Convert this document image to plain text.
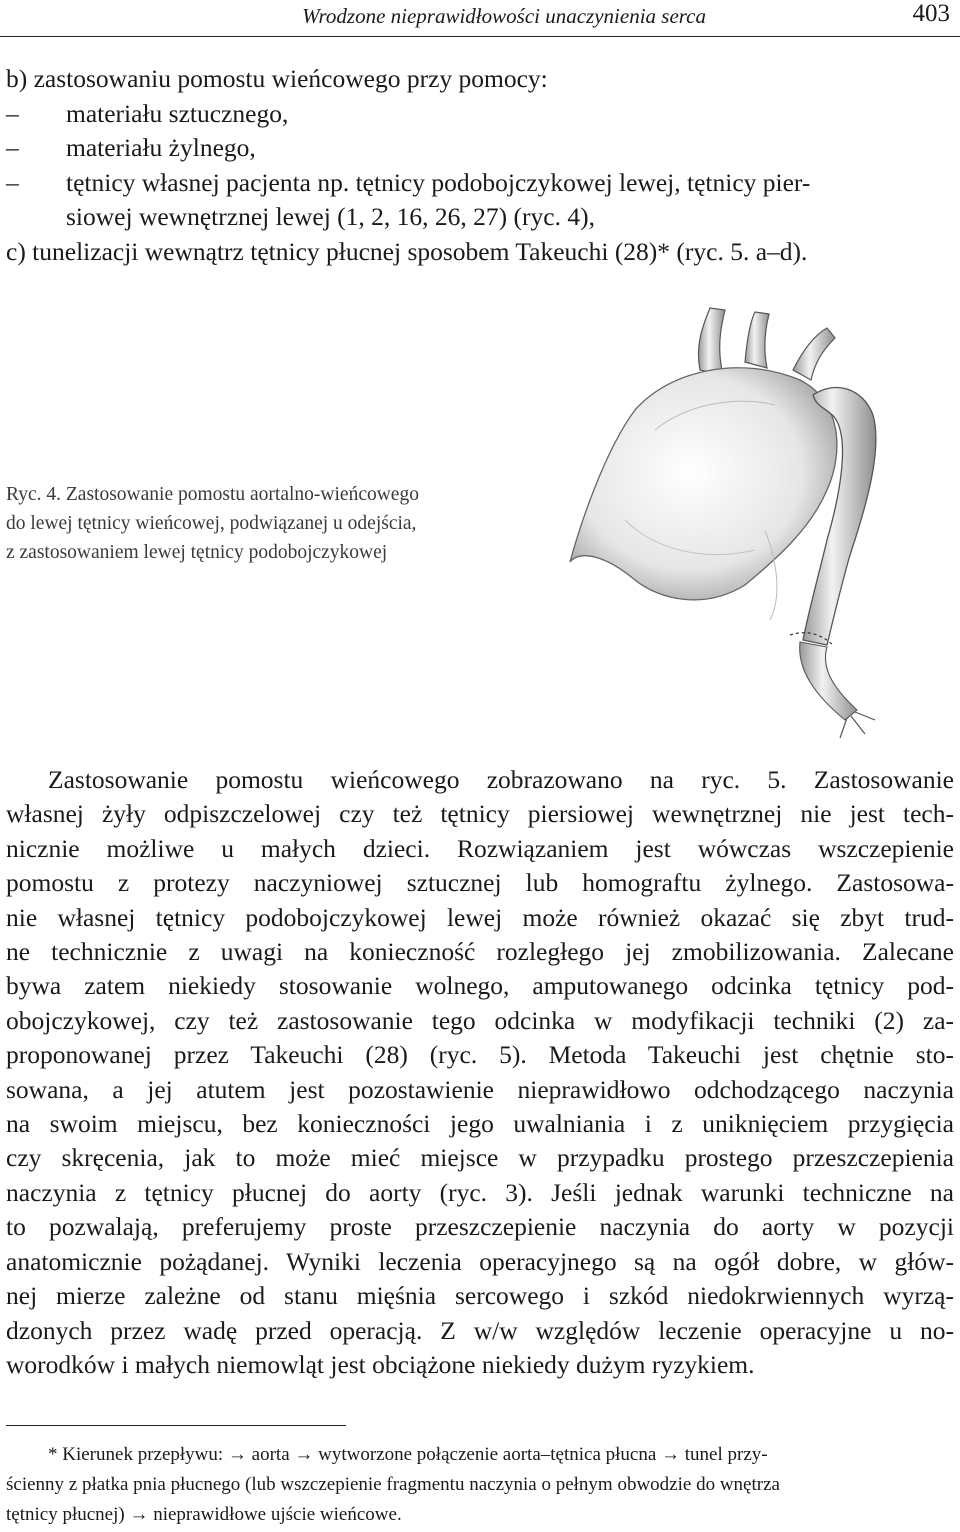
Wrodzone nieprawidłowości unaczynienia serca	403
b) zastosowaniu pomostu wieńcowego przy pomocy:
– materiału sztucznego,
– materiału żylnego,
– tętnicy własnej pacjenta np. tętnicy podobojczykowej lewej, tętnicy pier-
siowej wewnętrznej lewej (1, 2, 16, 26, 27) (ryc. 4),
c) tunelizacji wewnątrz tętnicy płucnej sposobem Takeuchi (28)* (ryc. 5. a–d).
Ryc. 4. Zastosowanie pomostu aortalno-wieńcowego
do lewej tętnicy wieńcowej, podwiązanej u odejścia,
z zastosowaniem lewej tętnicy podobojczykowej
Zastosowanie pomostu wieńcowego zobrazowano na ryc. 5. Zastosowanie
własnej żyły odpiszczelowej czy też tętnicy piersiowej wewnętrznej nie jest tech-
nicznie możliwe u małych dzieci. Rozwiązaniem jest wówczas wszczepienie
pomostu z protezy naczyniowej sztucznej lub homograftu żylnego. Zastosowa-
nie własnej tętnicy podobojczykowej lewej może również okazać się zbyt trud-
ne technicznie z uwagi na konieczność rozległego jej zmobilizowania. Zalecane
bywa zatem niekiedy stosowanie wolnego, amputowanego odcinka tętnicy pod-
obojczykowej, czy też zastosowanie tego odcinka w modyfikacji techniki (2) za-
proponowanej przez Takeuchi (28) (ryc. 5). Metoda Takeuchi jest chętnie sto-
sowana, a jej atutem jest pozostawienie nieprawidłowo odchodzącego naczynia
na swoim miejscu, bez konieczności jego uwalniania i z uniknięciem przygięcia
czy skręcenia, jak to może mieć miejsce w przypadku prostego przeszczepienia
naczynia z tętnicy płucnej do aorty (ryc. 3). Jeśli jednak warunki techniczne na
to pozwalają, preferujemy proste przeszczepienie naczynia do aorty w pozycji
anatomicznie pożądanej. Wyniki leczenia operacyjnego są na ogół dobre, w głów-
nej mierze zależne od stanu mięśnia sercowego i szkód niedokrwiennych wyrzą-
dzonych przez wadę przed operacją. Z w/w względów leczenie operacyjne u no-
worodków i małych niemowląt jest obciążone niekiedy dużym ryzykiem.
* Kierunek przepływu: → aorta → wytworzone połączenie aorta–tętnica płucna → tunel przy-
ścienny z płatka pnia płucnego (lub wszczepienie fragmentu naczynia o pełnym obwodzie do wnętrza
tętnicy płucnej) → nieprawidłowe ujście wieńcowe.
